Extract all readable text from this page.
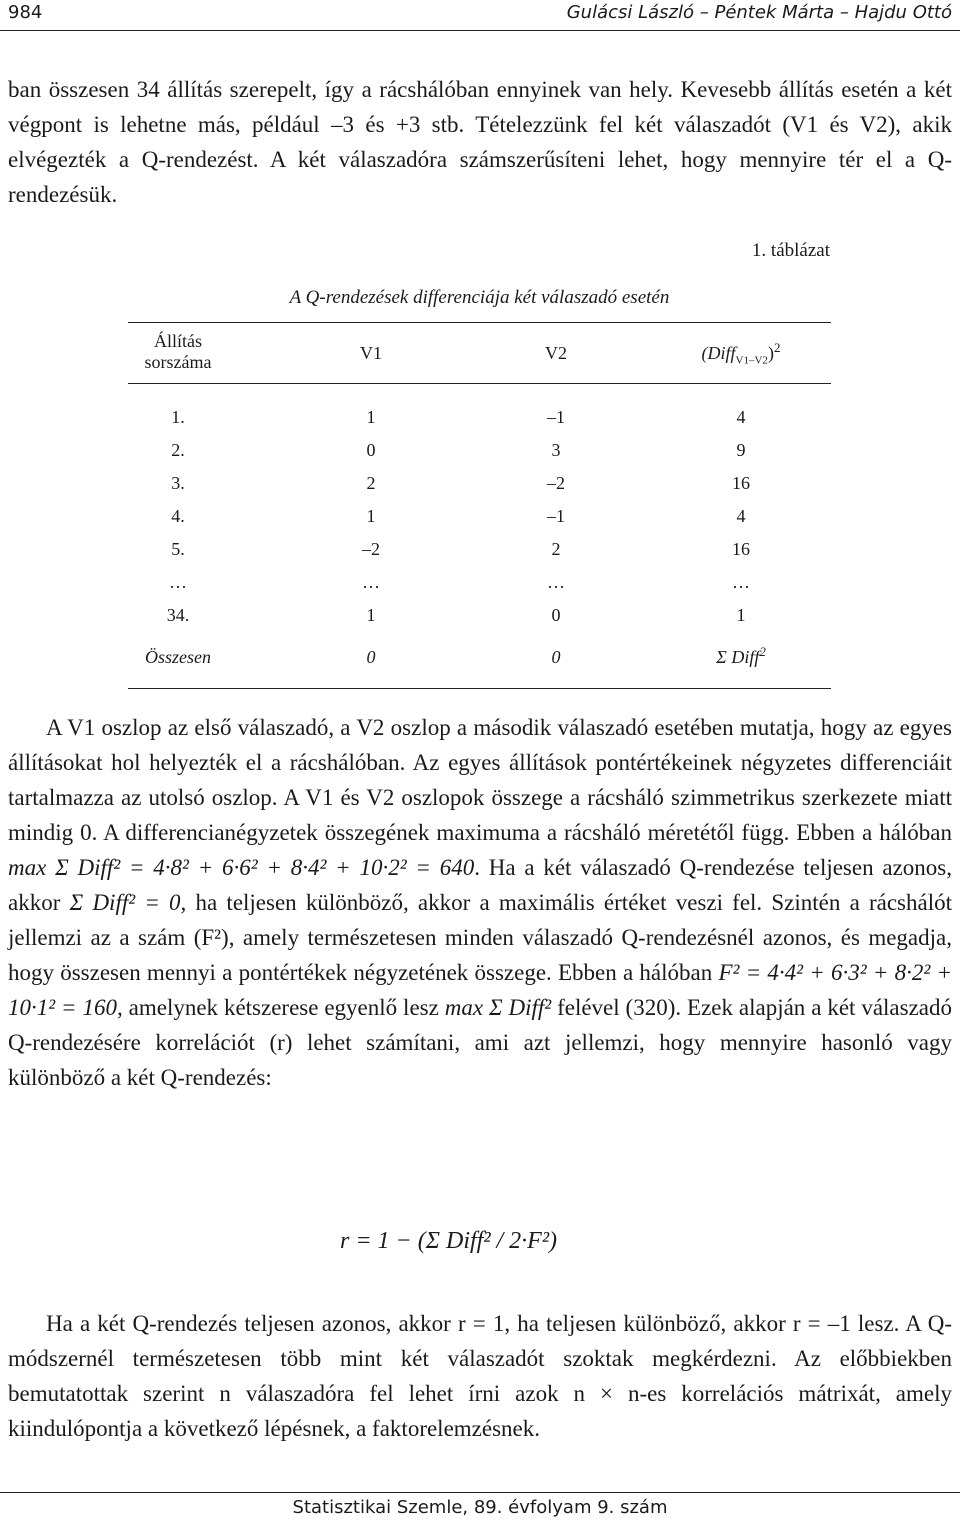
984	Gulácsi László – Péntek Márta – Hajdu Ottó

ban összesen 34 állítás szerepelt, így a rácshálóban ennyinek van hely. Kevesebb állítás esetén a két végpont is lehetne más, például –3 és +3 stb. Tételezzünk fel két válaszadót (V1 és V2), akik elvégezték a Q-rendezést. A két válaszadóra számszerűsíteni lehet, hogy mennyire tér el a Q-rendezésük.

1. táblázat
A Q-rendezések differenciája két válaszadó esetén
Állítás
sorszáma	V1	V2	(Diff$_{V1-V2}$)$^2$
1.	1	–1	4
2.	0	3	9
3.	2	–2	16
4.	1	–1	4
5.	–2	2	16
…	…	…	…
34.	1	0	1
Összesen	0	0	Σ Diff$^2$

A V1 oszlop az első válaszadó, a V2 oszlop a második válaszadó esetében mutatja, hogy az egyes állításokat hol helyezték el a rácshálóban. Az egyes állítások pontértékeinek négyzetes differenciáit tartalmazza az utolsó oszlop. A V1 és V2 oszlopok összege a rácsháló szimmetrikus szerkezete miatt mindig 0. A differencianégyzetek összegének maximuma a rácsháló méretétől függ. Ebben a hálóban max Σ Diff² = 4·8² + 6·6² + 8·4² + 10·2² = 640. Ha a két válaszadó Q-rendezése teljesen azonos, akkor Σ Diff² = 0, ha teljesen különböző, akkor a maximális értéket veszi fel. Szintén a rácshálót jellemzi az a szám (F²), amely természetesen minden válaszadó Q-rendezésnél azonos, és megadja, hogy összesen mennyi a pontértékek négyzetének összege. Ebben a hálóban F² = 4·4² + 6·3² + 8·2² + 10·1² = 160, amelynek kétszerese egyenlő lesz max Σ Diff² felével (320). Ezek alapján a két válaszadó Q-rendezésére korrelációt (r) lehet számítani, ami azt jellemzi, hogy mennyire hasonló vagy különböző a két Q-rendezés:

r = 1 − (Σ Diff² / 2·F²)

Ha a két Q-rendezés teljesen azonos, akkor r = 1, ha teljesen különböző, akkor r = –1 lesz. A Q-módszernél természetesen több mint két válaszadót szoktak megkérdezni. Az előbbiekben bemutatottak szerint n válaszadóra fel lehet írni azok n × n-es korrelációs mátrixát, amely kiindulópontja a következő lépésnek, a faktorelemzésnek.

Statisztikai Szemle, 89. évfolyam 9. szám
